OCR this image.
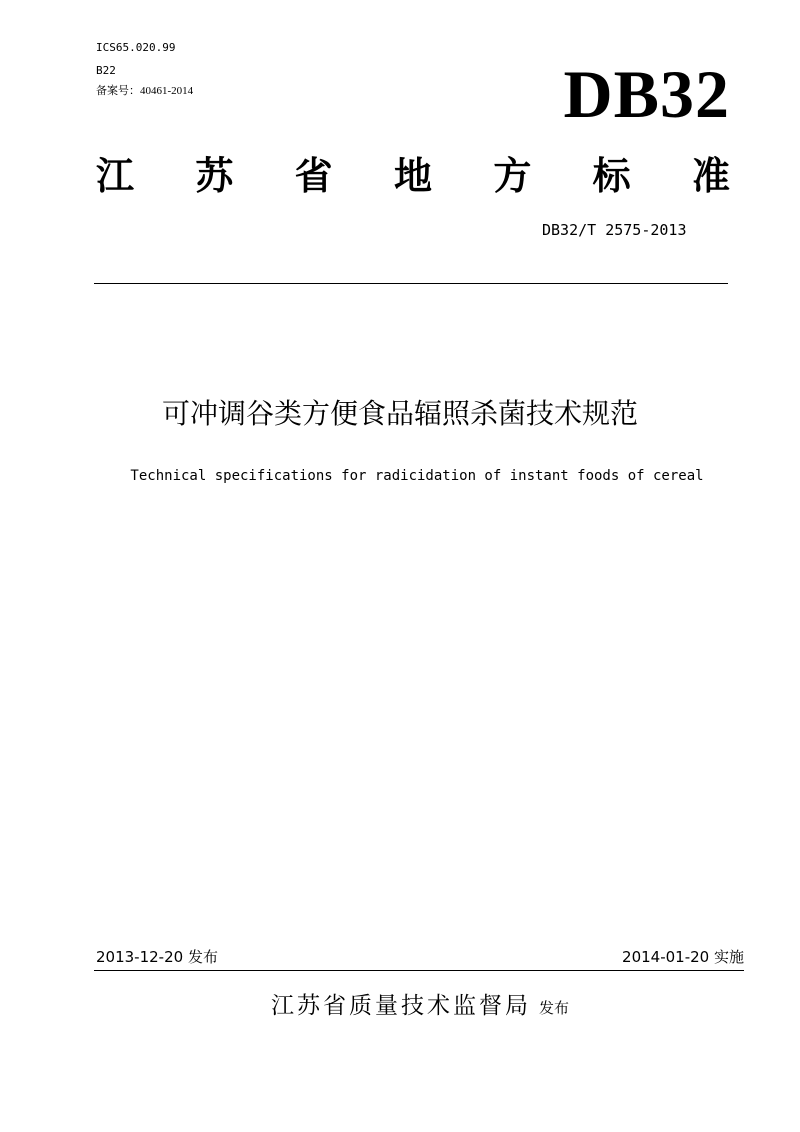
ICS65.020.99
B22
备案号：40461-2014	DB32
江 苏 省 地 方 标 准
DB32/T 2575-2013
可冲调谷类方便食品辐照杀菌技术规范
Technical specifications for radicidation of instant foods of cereal
2013-12-20 发布	2014-01-20 实施
江苏省质量技术监督局 发布
